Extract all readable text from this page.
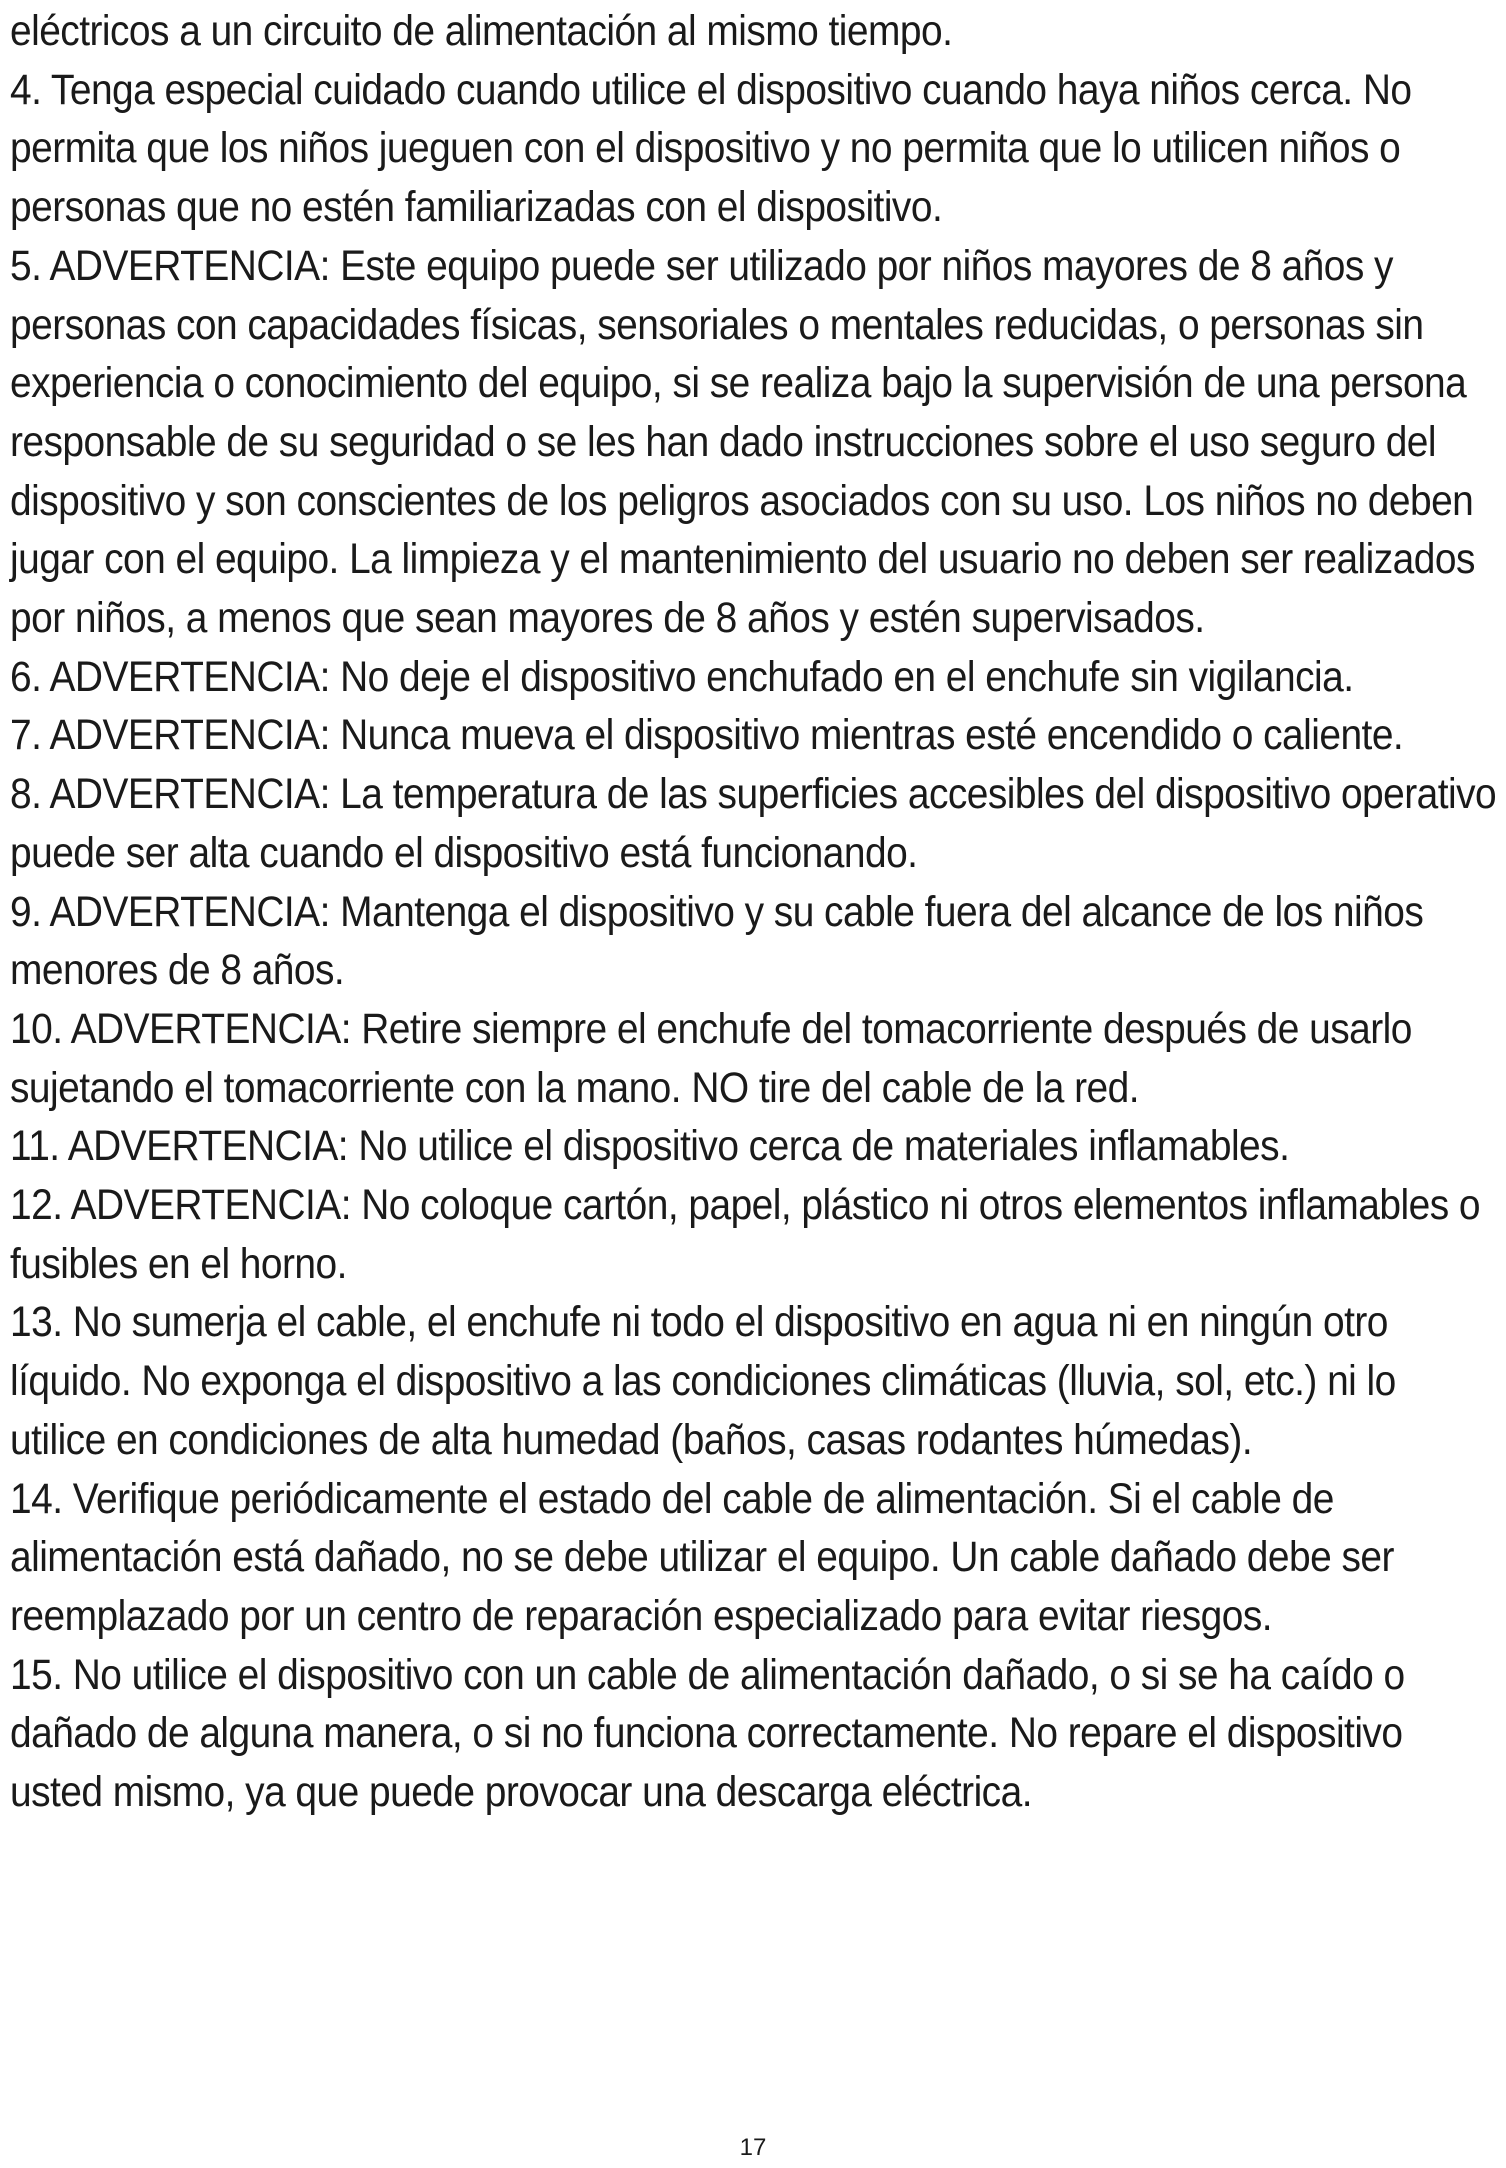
eléctricos a un circuito de alimentación al mismo tiempo.

4. Tenga especial cuidado cuando utilice el dispositivo cuando haya niños cerca. No permita que los niños jueguen con el dispositivo y no permita que lo utilicen niños o personas que no estén familiarizadas con el dispositivo.

5. ADVERTENCIA: Este equipo puede ser utilizado por niños mayores de 8 años y personas con capacidades físicas, sensoriales o mentales reducidas, o personas sin experiencia o conocimiento del equipo, si se realiza bajo la supervisión de una persona responsable de su seguridad o se les han dado instrucciones sobre el uso seguro del dispositivo y son conscientes de los peligros asociados con su uso. Los niños no deben jugar con el equipo. La limpieza y el mantenimiento del usuario no deben ser realizados por niños, a menos que sean mayores de 8 años y estén supervisados.

6. ADVERTENCIA: No deje el dispositivo enchufado en el enchufe sin vigilancia.

7. ADVERTENCIA: Nunca mueva el dispositivo mientras esté encendido o caliente.

8. ADVERTENCIA: La temperatura de las superficies accesibles del dispositivo operativo puede ser alta cuando el dispositivo está funcionando.

9. ADVERTENCIA: Mantenga el dispositivo y su cable fuera del alcance de los niños menores de 8 años.

10. ADVERTENCIA: Retire siempre el enchufe del tomacorriente después de usarlo sujetando el tomacorriente con la mano. NO tire del cable de la red.

11. ADVERTENCIA: No utilice el dispositivo cerca de materiales inflamables.

12. ADVERTENCIA: No coloque cartón, papel, plástico ni otros elementos inflamables o fusibles en el horno.

13. No sumerja el cable, el enchufe ni todo el dispositivo en agua ni en ningún otro líquido. No exponga el dispositivo a las condiciones climáticas (lluvia, sol, etc.) ni lo utilice en condiciones de alta humedad (baños, casas rodantes húmedas).

14. Verifique periódicamente el estado del cable de alimentación. Si el cable de alimentación está dañado, no se debe utilizar el equipo. Un cable dañado debe ser reemplazado por un centro de reparación especializado para evitar riesgos.

15. No utilice el dispositivo con un cable de alimentación dañado, o si se ha caído o dañado de alguna manera, o si no funciona correctamente. No repare el dispositivo usted mismo, ya que puede provocar una descarga eléctrica.

17
